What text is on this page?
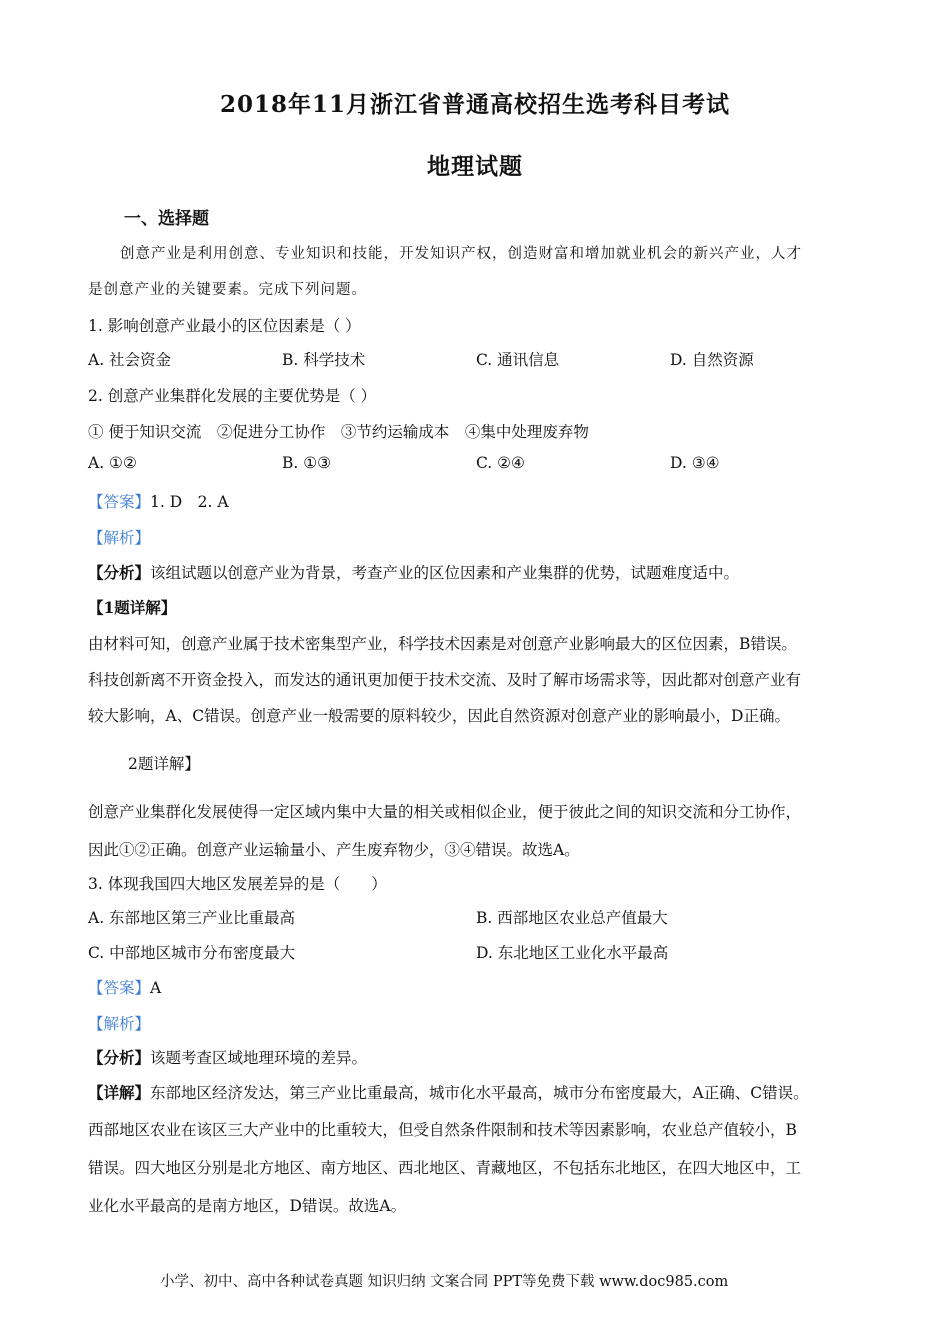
2018年11月浙江省普通高校招生选考科目考试
地理试题
一、选择题
创意产业是利用创意、专业知识和技能，开发知识产权，创造财富和增加就业机会的新兴产业，人才
是创意产业的关键要素。完成下列问题。
1. 影响创意产业最小的区位因素是（ ）
A. 社会资金	B. 科学技术	C. 通讯信息	D. 自然资源
2. 创意产业集群化发展的主要优势是（ ）
① 便于知识交流　②促进分工协作　③节约运输成本　④集中处理废弃物
A. ①②	B. ①③	C. ②④	D. ③④
【答案】1. D　2. A
【解析】
【分析】该组试题以创意产业为背景，考查产业的区位因素和产业集群的优势，试题难度适中。
【1题详解】
由材料可知，创意产业属于技术密集型产业，科学技术因素是对创意产业影响最大的区位因素，B错误。
科技创新离不开资金投入，而发达的通讯更加便于技术交流、及时了解市场需求等，因此都对创意产业有
较大影响，A、C错误。创意产业一般需要的原料较少，因此自然资源对创意产业的影响最小，D正确。
2题详解】
创意产业集群化发展使得一定区域内集中大量的相关或相似企业，便于彼此之间的知识交流和分工协作，
因此①②正确。创意产业运输量小、产生废弃物少，③④错误。故选A。
3. 体现我国四大地区发展差异的是（　　）
A. 东部地区第三产业比重最高	B. 西部地区农业总产值最大
C. 中部地区城市分布密度最大	D. 东北地区工业化水平最高
【答案】A
【解析】
【分析】该题考查区域地理环境的差异。
【详解】东部地区经济发达，第三产业比重最高，城市化水平最高，城市分布密度最大，A正确、C错误。
西部地区农业在该区三大产业中的比重较大，但受自然条件限制和技术等因素影响，农业总产值较小，B
错误。四大地区分别是北方地区、南方地区、西北地区、青藏地区，不包括东北地区，在四大地区中，工
业化水平最高的是南方地区，D错误。故选A。
小学、初中、高中各种试卷真题 知识归纳 文案合同 PPT等免费下载 www.doc985.com
